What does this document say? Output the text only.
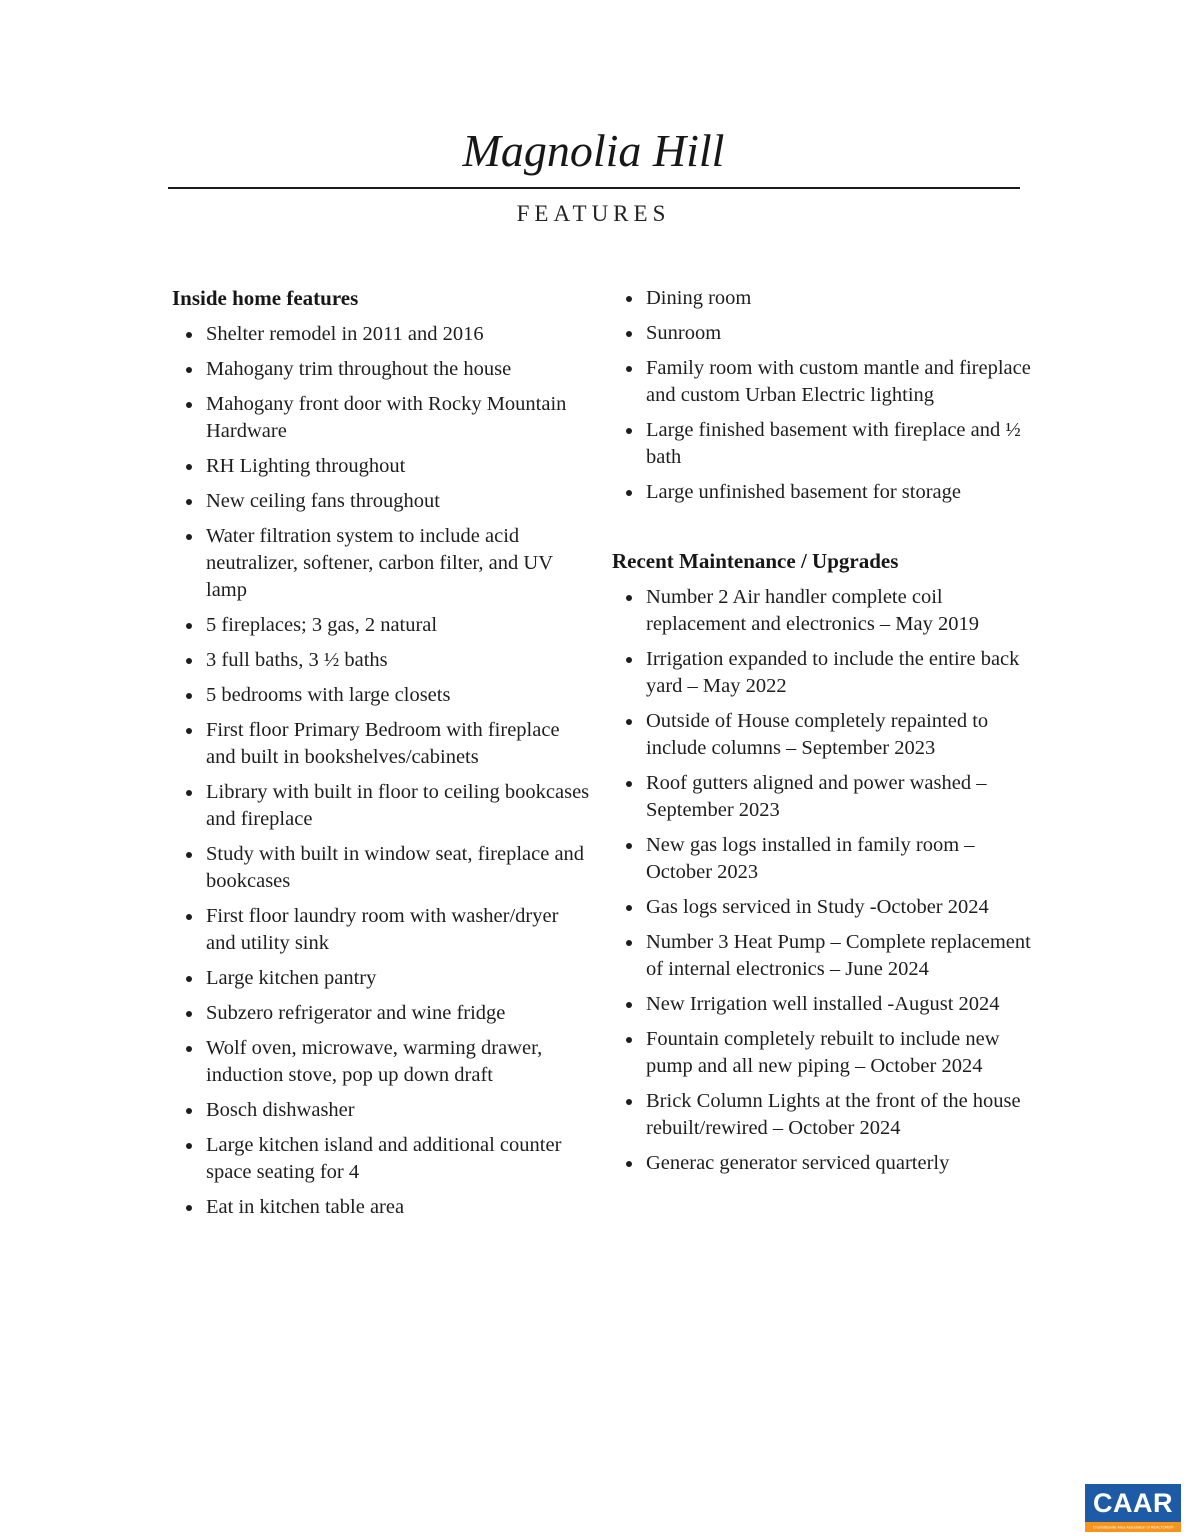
Magnolia Hill
FEATURES
Inside home features
• Shelter remodel in 2011 and 2016
• Mahogany trim throughout the house
• Mahogany front door with Rocky Mountain Hardware
• RH Lighting throughout
• New ceiling fans throughout
• Water filtration system to include acid neutralizer, softener, carbon filter, and UV lamp
• 5 fireplaces; 3 gas, 2 natural
• 3 full baths, 3 ½ baths
• 5 bedrooms with large closets
• First floor Primary Bedroom with fireplace and built in bookshelves/cabinets
• Library with built in floor to ceiling bookcases and fireplace
• Study with built in window seat, fireplace and bookcases
• First floor laundry room with washer/dryer and utility sink
• Large kitchen pantry
• Subzero refrigerator and wine fridge
• Wolf oven, microwave, warming drawer, induction stove, pop up down draft
• Bosch dishwasher
• Large kitchen island and additional counter space seating for 4
• Eat in kitchen table area
• Dining room
• Sunroom
• Family room with custom mantle and fireplace and custom Urban Electric lighting
• Large finished basement with fireplace and ½ bath
• Large unfinished basement for storage
Recent Maintenance / Upgrades
• Number 2 Air handler complete coil replacement and electronics – May 2019
• Irrigation expanded to include the entire back yard – May 2022
• Outside of House completely repainted to include columns – September 2023
• Roof gutters aligned and power washed – September 2023
• New gas logs installed in family room – October 2023
• Gas logs serviced in Study -October 2024
• Number 3 Heat Pump – Complete replacement of internal electronics – June 2024
• New Irrigation well installed -August 2024
• Fountain completely rebuilt to include new pump and all new piping – October 2024
• Brick Column Lights at the front of the house rebuilt/rewired – October 2024
• Generac generator serviced quarterly
CAAR
Charlottesville Area Association of REALTORS®
